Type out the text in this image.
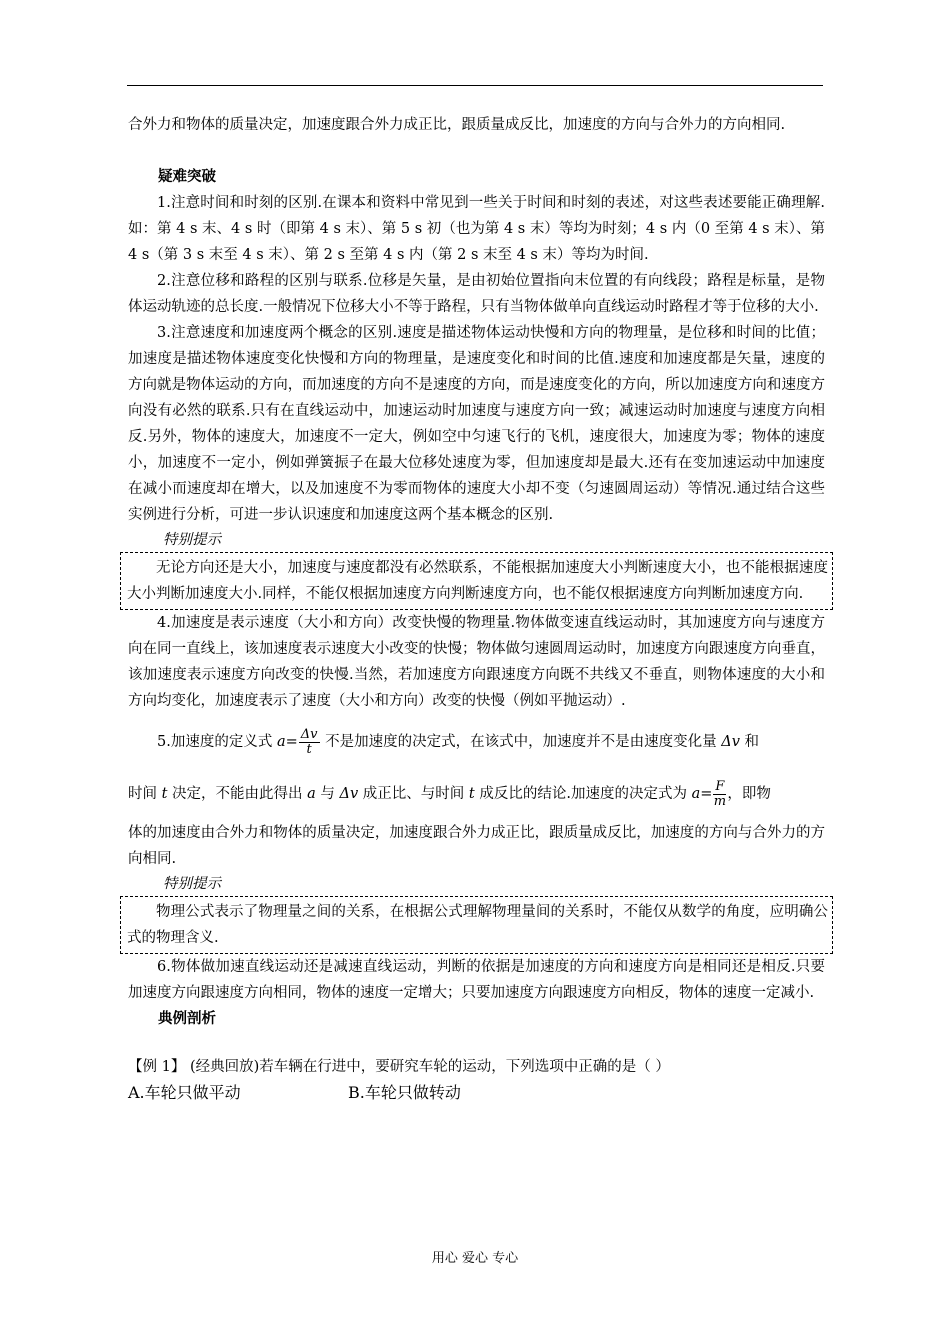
合外力和物体的质量决定，加速度跟合外力成正比，跟质量成反比，加速度的方向与合外力的方向相同.

疑难突破

1.注意时间和时刻的区别.在课本和资料中常见到一些关于时间和时刻的表述，对这些表述要能正确理解.如：第 4 s 末、4 s 时（即第 4 s 末）、第 5 s 初（也为第 4 s 末）等均为时刻；4 s 内（0 至第 4 s 末）、第 4 s（第 3 s 末至 4 s 末）、第 2 s 至第 4 s 内（第 2 s 末至 4 s 末）等均为时间.

2.注意位移和路程的区别与联系.位移是矢量，是由初始位置指向末位置的有向线段；路程是标量，是物体运动轨迹的总长度.一般情况下位移大小不等于路程，只有当物体做单向直线运动时路程才等于位移的大小.

3.注意速度和加速度两个概念的区别.速度是描述物体运动快慢和方向的物理量，是位移和时间的比值；加速度是描述物体速度变化快慢和方向的物理量，是速度变化和时间的比值.速度和加速度都是矢量，速度的方向就是物体运动的方向，而加速度的方向不是速度的方向，而是速度变化的方向，所以加速度方向和速度方向没有必然的联系.只有在直线运动中，加速运动时加速度与速度方向一致；减速运动时加速度与速度方向相反.另外，物体的速度大，加速度不一定大，例如空中匀速飞行的飞机，速度很大，加速度为零；物体的速度小，加速度不一定小，例如弹簧振子在最大位移处速度为零，但加速度却是最大.还有在变加速运动中加速度在减小而速度却在增大，以及加速度不为零而物体的速度大小却不变（匀速圆周运动）等情况.通过结合这些实例进行分析，可进一步认识速度和加速度这两个基本概念的区别.

特别提示

无论方向还是大小，加速度与速度都没有必然联系，不能根据加速度大小判断速度大小，也不能根据速度大小判断加速度大小.同样，不能仅根据加速度方向判断速度方向，也不能仅根据速度方向判断加速度方向.

4.加速度是表示速度（大小和方向）改变快慢的物理量.物体做变速直线运动时，其加速度方向与速度方向在同一直线上，该加速度表示速度大小改变的快慢；物体做匀速圆周运动时，加速度方向跟速度方向垂直，该加速度表示速度方向改变的快慢.当然，若加速度方向跟速度方向既不共线又不垂直，则物体速度的大小和方向均变化，加速度表示了速度（大小和方向）改变的快慢（例如平抛运动）.

5.加速度的定义式 $a= \frac{\Delta v}{t}$ 不是加速度的决定式，在该式中，加速度并不是由速度变化量 Δv 和

时间 t 决定，不能由此得出 a 与 Δv 成正比、与时间 t 成反比的结论.加速度的决定式为 $a= \frac{F}{m}$ ，即物

体的加速度由合外力和物体的质量决定，加速度跟合外力成正比，跟质量成反比，加速度的方向与合外力的方向相同.

特别提示

物理公式表示了物理量之间的关系，在根据公式理解物理量间的关系时，不能仅从数学的角度，应明确公式的物理含义.

6.物体做加速直线运动还是减速直线运动，判断的依据是加速度的方向和速度方向是相同还是相反.只要加速度方向跟速度方向相同，物体的速度一定增大；只要加速度方向跟速度方向相反，物体的速度一定减小.

典例剖析

【例 1】 (经典回放)若车辆在行进中，要研究车轮的运动，下列选项中正确的是（ ）

A.车轮只做平动	B.车轮只做转动
用心 爱心 专心
